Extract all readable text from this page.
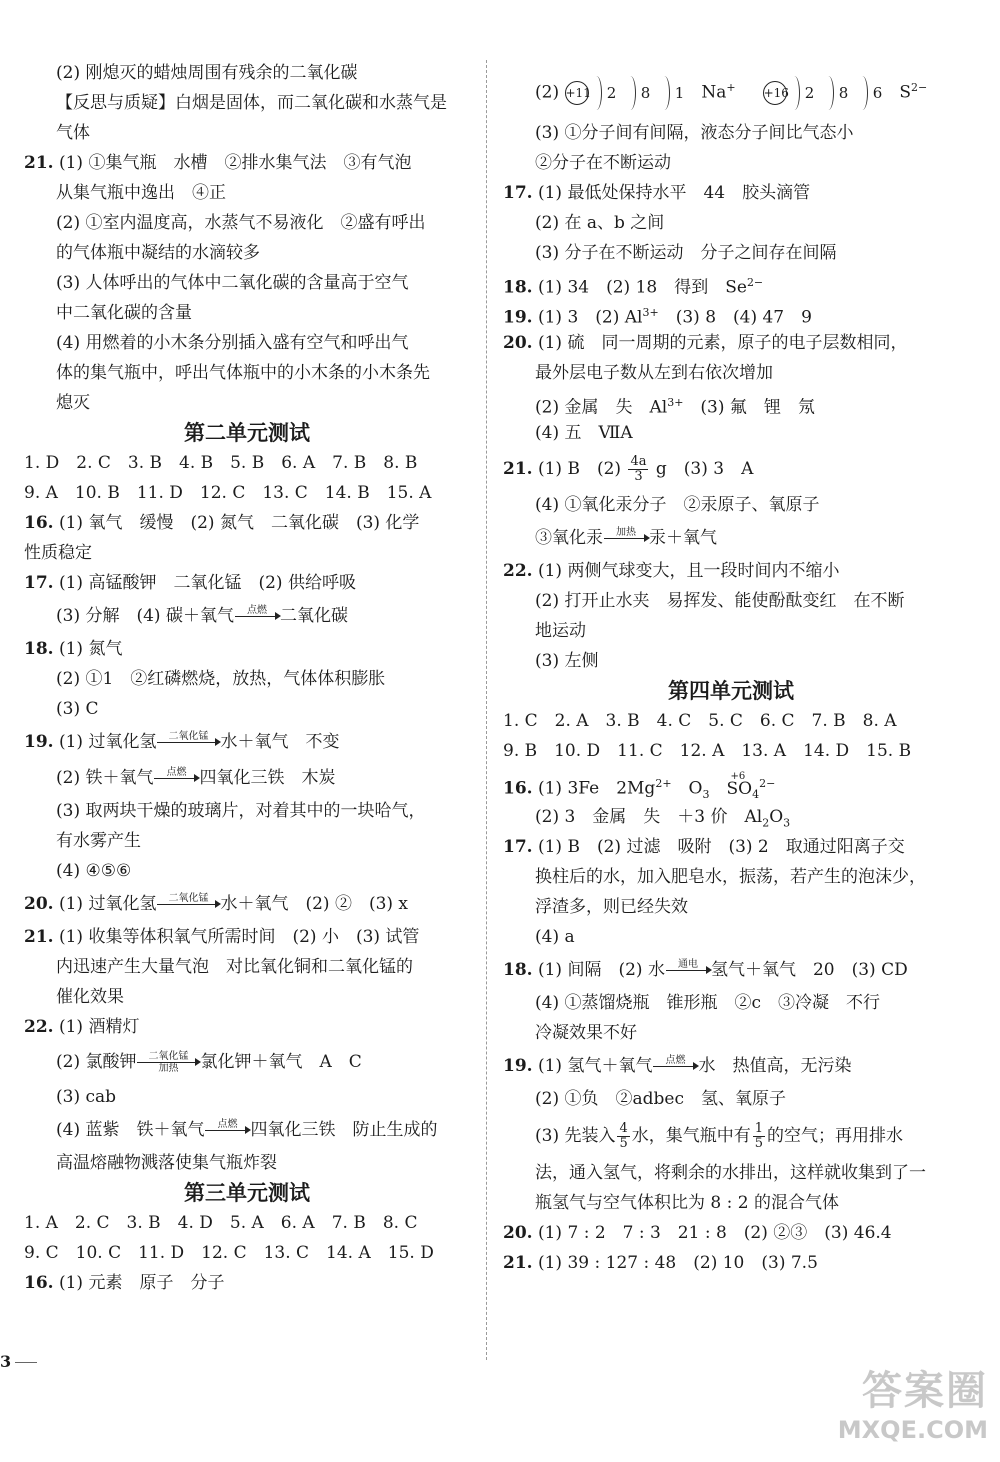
(2) 刚熄灭的蜡烛周围有残余的二氧化碳
【反思与质疑】白烟是固体，而二氧化碳和水蒸气是
气体
21. (1) ①集气瓶　水槽　②排水集气法　③有气泡
从集气瓶中逸出　④正
(2) ①室内温度高，水蒸气不易液化　②盛有呼出
的气体瓶中凝结的水滴较多
(3) 人体呼出的气体中二氧化碳的含量高于空气
中二氧化碳的含量
(4) 用燃着的小木条分别插入盛有空气和呼出气
体的集气瓶中，呼出气体瓶中的小木条的小木条先
熄灭
第二单元测试
1. D　2. C　3. B　4. B　5. B　6. A　7. B　8. B
9. A　10. B　11. D　12. C　13. C　14. B　15. A
16. (1) 氧气　缓慢　(2) 氮气　二氧化碳　(3) 化学
性质稳定
17. (1) 高锰酸钾　二氧化锰　(2) 供给呼吸
(3) 分解　(4) 碳＋氧气 点燃 二氧化碳
18. (1) 氮气
(2) ①1　②红磷燃烧，放热，气体体积膨胀
(3) C
19. (1) 过氧化氢 二氧化锰 水＋氧气　不变
(2) 铁＋氧气 点燃 四氧化三铁　木炭
(3) 取两块干燥的玻璃片，对着其中的一块哈气，
有水雾产生
(4) ④⑤⑥
20. (1) 过氧化氢 二氧化锰 水＋氧气　(2) ②　(3) x
21. (1) 收集等体积氧气所需时间　(2) 小　(3) 试管
内迅速产生大量气泡　对比氧化铜和二氧化锰的
催化效果
22. (1) 酒精灯
(2) 氯酸钾 二氧化锰
加热 氯化钾＋氧气　A　C
(3) cab
(4) 蓝紫　铁＋氧气 点燃 四氧化三铁　防止生成的
高温熔融物溅落使集气瓶炸裂
第三单元测试
1. A　2. C　3. B　4. D　5. A　6. A　7. B　8. C
9. C　10. C　11. D　12. C　13. C　14. A　15. D
16. (1) 元素　原子　分子
3
(2) +11	2	8	1	Na+ +16	2	8	6	$S^{2-}$
(3) ①分子间有间隔，液态分子间比气态小
②分子在不断运动
17. (1) 最低处保持水平　44　胶头滴管
(2) 在 a、b 之间
(3) 分子在不断运动　分子之间存在间隔
18. (1) 34　(2) 18　得到　$Se^{2-}$
19. (1) 3　(2) $Al^{3+}$　 (3) 8　(4) 47　9
20. (1) 硫　同一周期的元素，原子的电子层数相同，
最外层电子数从左到右依次增加
(2) 金属　失　$Al^{3+}$　 (3) 氟　锂　氖
(4) 五　ⅦA
21. (1) B　$(2) \frac{4a}{3}$ g　(3) 3　A
(4) ①氧化汞分子　②汞原子、氧原子
③氧化汞 加热 汞＋氧气
22. (1) 两侧气球变大，且一段时间内不缩小
(2) 打开止水夹　易挥发、能使酚酞变红　在不断
地运动
(3) 左侧
第四单元测试
1. C　2. A　3. B　4. C　5. C　6. C　7. B　8. A
9. B　10. D　11. C　12. A　13. A　14. D　15. B
16. (1) 3Fe　$2Mg^{2+}$　 $O_3$　
+6
$SO_4^{2-}$
(2) 3　金属　失　＋3 价　$Al_2O_3$
17. (1) B　(2) 过滤　吸附　(3) 2　取通过阳离子交
换柱后的水，加入肥皂水，振荡，若产生的泡沫少，
浮渣多，则已经失效
(4) a
18. (1) 间隔　(2) 水 通电 氢气＋氧气　20　(3) CD
(4) ①蒸馏烧瓶　锥形瓶　②c　③冷凝　不行
冷凝效果不好
19. (1) 氢气＋氧气 点燃 水　热值高，无污染
(2) ①负　②adbec　氢、氧原子
(3) 先装入 $\frac{4}{5}$ 水，集气瓶中有 $\frac{1}{5}$ 的空气；再用排水
法，通入氢气，将剩余的水排出，这样就收集到了一
瓶氢气与空气体积比为 8 : 2 的混合气体
20. (1) 7 : 2　7 : 3　21 : 8　(2) ②③　(3) 46.4
21. (1) 39 : 127 : 48　(2) 10　(3) 7.5
答案圈
MXQE.COM
